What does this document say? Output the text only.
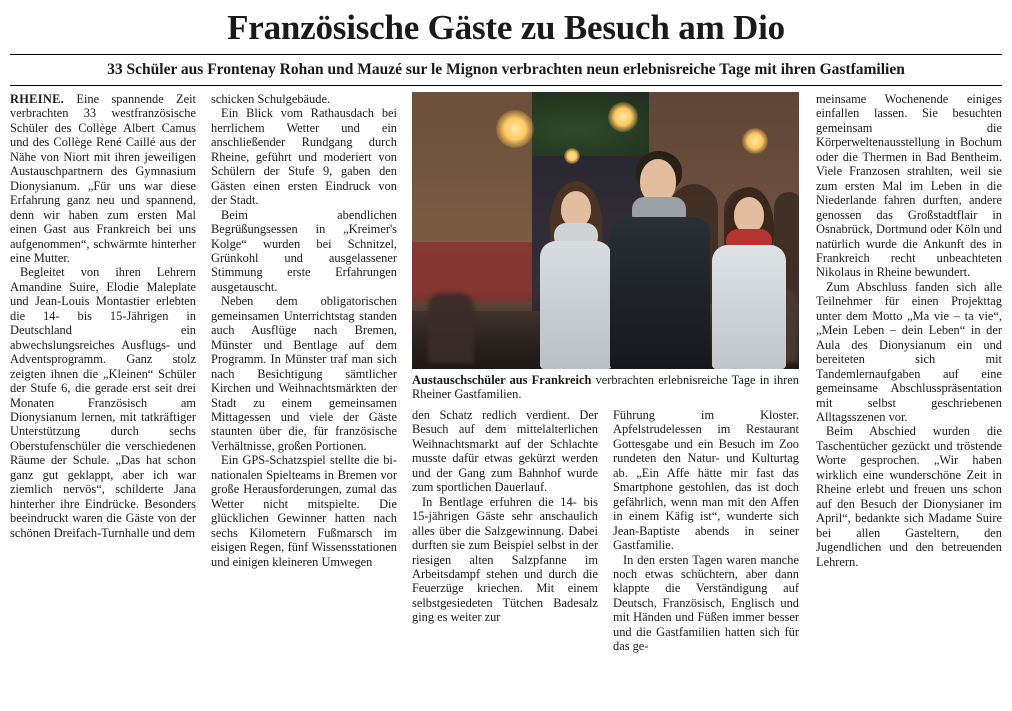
Französische Gäste zu Besuch am Dio
33 Schüler aus Frontenay Rohan und Mauzé sur le Mignon verbrachten neun erlebnisreiche Tage mit ihren Gastfamilien

RHEINE. Eine spannende Zeit verbrachten 33 westfranzösische Schüler des Collège Albert Camus und des Collège René Caillé aus der Nähe von Niort mit ihren jeweiligen Austauschpartnern des Gymnasium Dionysianum. „Für uns war diese Erfahrung ganz neu und spannend, denn wir haben zum ersten Mal einen Gast aus Frankreich bei uns aufgenommen“, schwärmte hinterher eine Mutter.

Begleitet von ihren Lehrern Amandine Suire, Elodie Maleplate und Jean-Louis Montastier erlebten die 14- bis 15-Jährigen in Deutschland ein abwechslungsreiches Ausflugs- und Adventsprogramm. Ganz stolz zeigten ihnen die „Kleinen“ Schüler der Stufe 6, die gerade erst seit drei Monaten Französisch am Dionysianum lernen, mit tatkräftiger Unterstützung durch sechs Oberstufenschüler die verschiedenen Räume der Schule. „Das hat schon ganz gut geklappt, aber ich war ziemlich nervös“, schilderte Jana hinterher ihre Eindrücke. Besonders beeindruckt waren die Gäste von der schönen Dreifach-Turnhalle und dem

schicken Schulgebäude.

Ein Blick vom Rathausdach bei herrlichem Wetter und ein anschließender Rundgang durch Rheine, geführt und moderiert von Schülern der Stufe 9, gaben den Gästen einen ersten Eindruck von der Stadt.

Beim abendlichen Begrüßungsessen in „Kreimer's Kolge“ wurden bei Schnitzel, Grünkohl und ausgelassener Stimmung erste Erfahrungen ausgetauscht.

Neben dem obligatorischen gemeinsamen Unterrichtstag standen auch Ausflüge nach Bremen, Münster und Bentlage auf dem Programm. In Münster traf man sich nach Besichtigung sämtlicher Kirchen und Weihnachtsmärkten der Stadt zu einem gemeinsamen Mittagessen und viele der Gäste staunten über die, für französische Verhältnisse, großen Portionen.

Ein GPS-Schatzspiel stellte die bi-nationalen Spielteams in Bremen vor große Herausforderungen, zumal das Wetter nicht mitspielte. Die glücklichen Gewinner hatten nach sechs Kilometern Fußmarsch im eisigen Regen, fünf Wissensstationen und einigen kleineren Umwegen

Austauschschüler aus Frankreich verbrachten erlebnisreiche Tage in ihren Rheiner Gastfamilien.

den Schatz redlich verdient. Der Besuch auf dem mittelalterlichen Weihnachtsmarkt auf der Schlachte musste dafür etwas gekürzt werden und der Gang zum Bahnhof wurde zum sportlichen Dauerlauf.

In Bentlage erfuhren die 14- bis 15-jährigen Gäste sehr anschaulich alles über die Salzgewinnung. Dabei durften sie zum Beispiel selbst in der riesigen alten Salzpfanne im Arbeitsdampf stehen und durch die Feuerzüge kriechen. Mit einem selbstgesiedeten Tütchen Badesalz ging es weiter zur

Führung im Kloster. Apfelstrudelessen im Restaurant Gottesgabe und ein Besuch im Zoo rundeten den Natur- und Kulturtag ab. „Ein Affe hätte mir fast das Smartphone gestohlen, das ist doch gefährlich, wenn man mit den Affen in einem Käfig ist“, wunderte sich Jean-Baptiste abends in seiner Gastfamilie.

In den ersten Tagen waren manche noch etwas schüchtern, aber dann klappte die Verständigung auf Deutsch, Französisch, Englisch und mit Händen und Füßen immer besser und die Gastfamilien hatten sich für das ge-

meinsame Wochenende einiges einfallen lassen. Sie besuchten gemeinsam die Körperweltenausstellung in Bochum oder die Thermen in Bad Bentheim. Viele Franzosen strahlten, weil sie zum ersten Mal im Leben in die Niederlande fahren durften, andere genossen das Großstadtflair in Osnabrück, Dortmund oder Köln und natürlich wurde die Ankunft des in Frankreich recht unbeachteten Nikolaus in Rheine bewundert.

Zum Abschluss fanden sich alle Teilnehmer für einen Projekttag unter dem Motto „Ma vie – ta vie“, „Mein Leben – dein Leben“ in der Aula des Dionysianum ein und bereiteten sich mit Tandemlernaufgaben auf eine gemeinsame Abschlusspräsentation mit selbst geschriebenen Alltagsszenen vor.

Beim Abschied wurden die Taschentücher gezückt und tröstende Worte gesprochen. „Wir haben wirklich eine wunderschöne Zeit in Rheine erlebt und freuen uns schon auf den Besuch der Dionysianer im April“, bedankte sich Madame Suire bei allen Gasteltern, den Jugendlichen und den betreuenden Lehrern.
